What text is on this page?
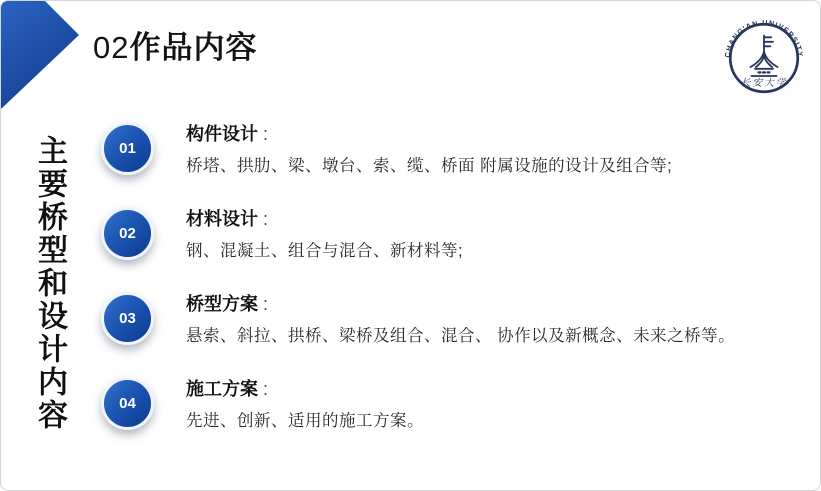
02作品内容	CHANG'AN UNIVERSITY
长安大学
主要桥型和设计内容	01
构件设计 :
桥塔、拱肋、梁、墩台、索、缆、桥面 附属设施的设计及组合等;
02
材料设计 :
钢、混凝土、组合与混合、新材料等;
03
桥型方案 :
悬索、斜拉、拱桥、梁桥及组合、混合、 协作以及新概念、未来之桥等。
04
施工方案 :
先进、创新、适用的施工方案。
